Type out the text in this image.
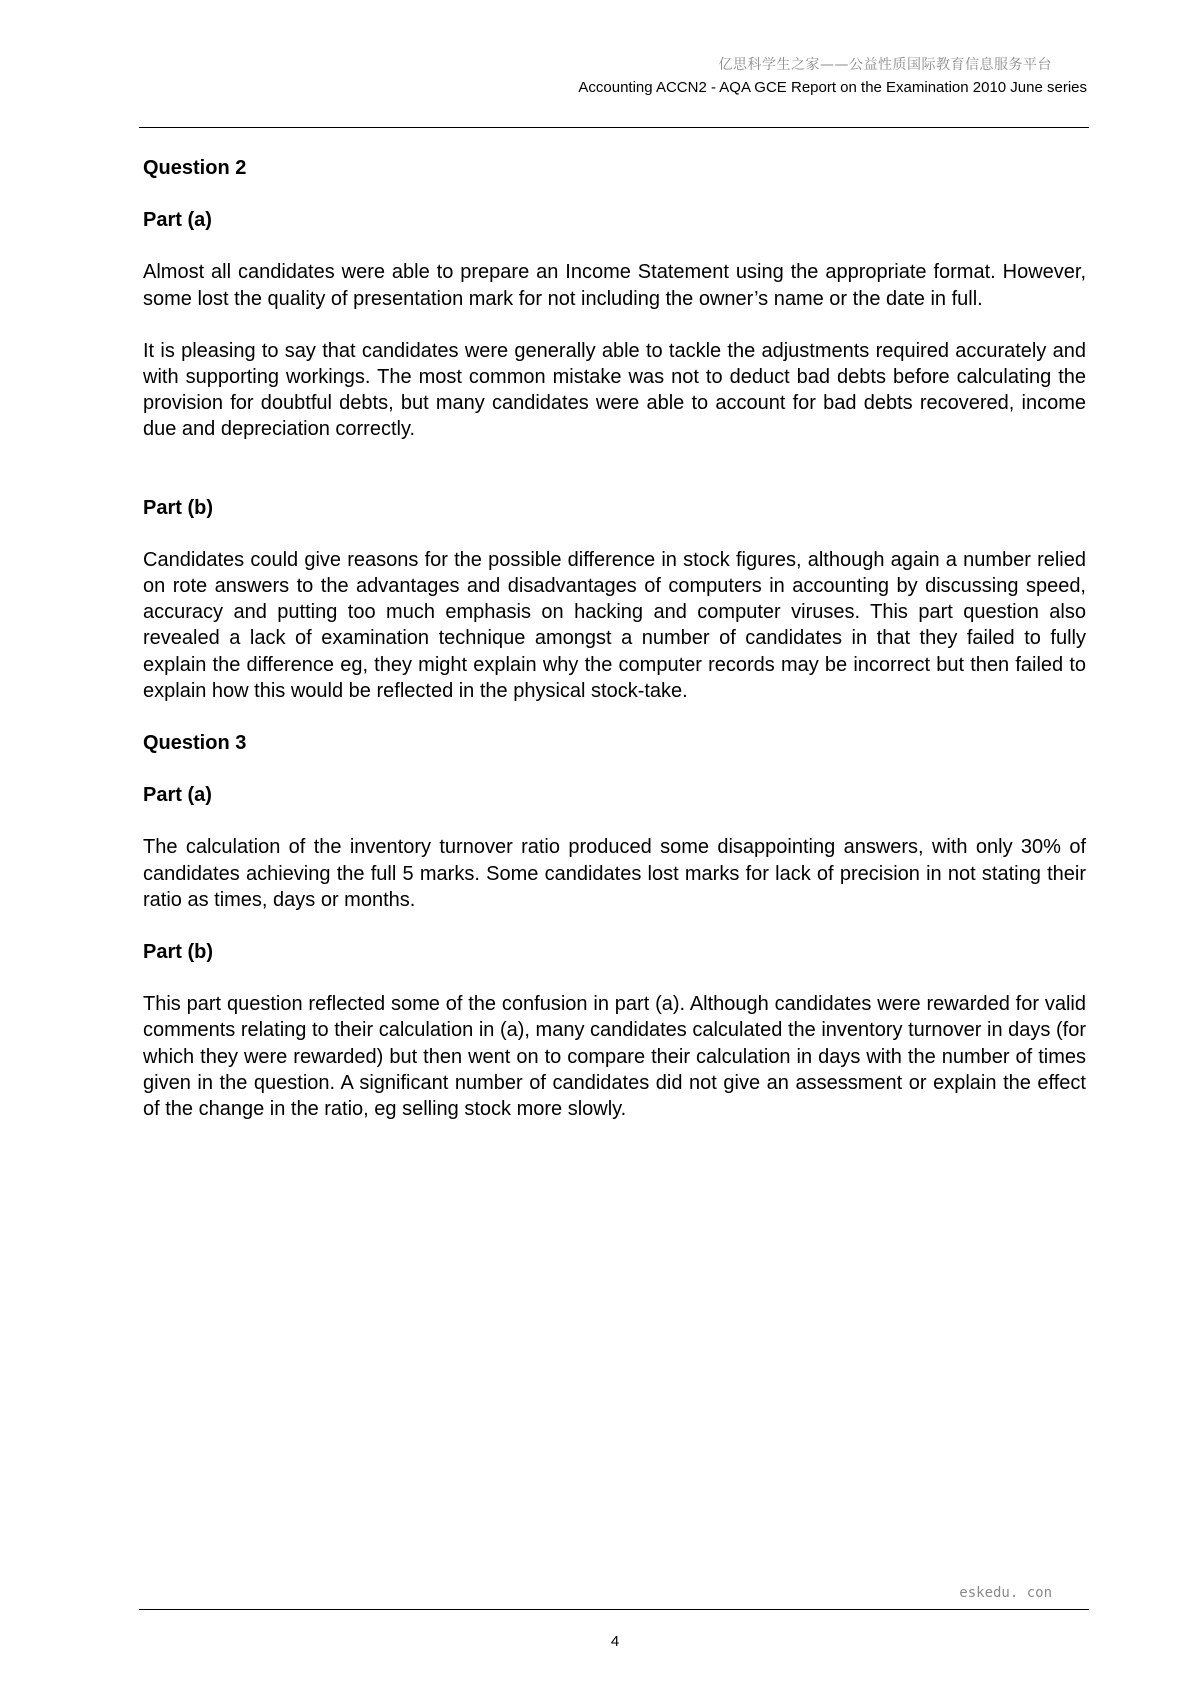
亿思科学生之家——公益性质国际教育信息服务平台
Accounting ACCN2 - AQA GCE Report on the Examination 2010 June series
Question 2
Part (a)
Almost all candidates were able to prepare an Income Statement using the appropriate format. However, some lost the quality of presentation mark for not including the owner’s name or the date in full.
It is pleasing to say that candidates were generally able to tackle the adjustments required accurately and with supporting workings. The most common mistake was not to deduct bad debts before calculating the provision for doubtful debts, but many candidates were able to account for bad debts recovered, income due and depreciation correctly.
Part (b)
Candidates could give reasons for the possible difference in stock figures, although again a number relied on rote answers to the advantages and disadvantages of computers in accounting by discussing speed, accuracy and putting too much emphasis on hacking and computer viruses. This part question also revealed a lack of examination technique amongst a number of candidates in that they failed to fully explain the difference eg, they might explain why the computer records may be incorrect but then failed to explain how this would be reflected in the physical stock-take.
Question 3
Part (a)
The calculation of the inventory turnover ratio produced some disappointing answers, with only 30% of candidates achieving the full 5 marks. Some candidates lost marks for lack of precision in not stating their ratio as times, days or months.
Part (b)
This part question reflected some of the confusion in part (a). Although candidates were rewarded for valid comments relating to their calculation in (a), many candidates calculated the inventory turnover in days (for which they were rewarded) but then went on to compare their calculation in days with the number of times given in the question. A significant number of candidates did not give an assessment or explain the effect of the change in the ratio, eg selling stock more slowly.
eskedu. con
4
